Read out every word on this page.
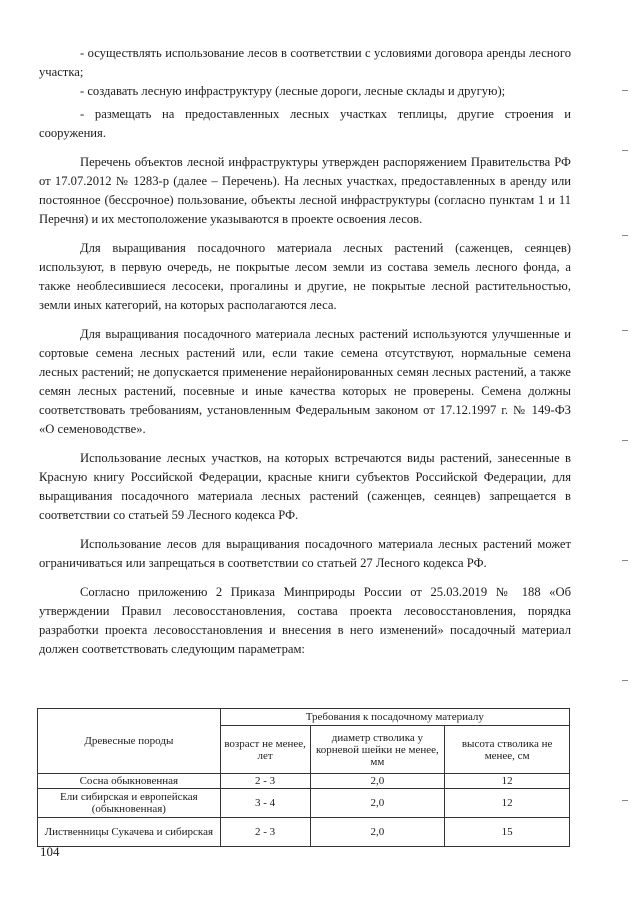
- осуществлять использование лесов в соответствии с условиями договора аренды лесного участка;

- создавать лесную инфраструктуру (лесные дороги, лесные склады и другую);

- размещать на предоставленных лесных участках теплицы, другие строения и сооружения.

Перечень объектов лесной инфраструктуры утвержден распоряжением Правительства РФ от 17.07.2012 № 1283-р (далее – Перечень). На лесных участках, предоставленных в аренду или постоянное (бессрочное) пользование, объекты лесной инфраструктуры (согласно пунктам 1 и 11 Перечня) и их местоположение указываются в проекте освоения лесов.

Для выращивания посадочного материала лесных растений (саженцев, сеянцев) используют, в первую очередь, не покрытые лесом земли из состава земель лесного фонда, а также необлесившиеся лесосеки, прогалины и другие, не покрытые лесной растительностью, земли иных категорий, на которых располагаются леса.

Для выращивания посадочного материала лесных растений используются улучшенные и сортовые семена лесных растений или, если такие семена отсутствуют, нормальные семена лесных растений; не допускается применение нерайонированных семян лесных растений, а также семян лесных растений, посевные и иные качества которых не проверены. Семена должны соответствовать требованиям, установленным Федеральным законом от 17.12.1997 г. № 149-ФЗ «О семеноводстве».

Использование лесных участков, на которых встречаются виды растений, занесенные в Красную книгу Российской Федерации, красные книги субъектов Российской Федерации, для выращивания посадочного материала лесных растений (саженцев, сеянцев) запрещается в соответствии со статьей 59 Лесного кодекса РФ.

Использование лесов для выращивания посадочного материала лесных растений может ограничиваться или запрещаться в соответствии со статьей 27 Лесного кодекса РФ.

Согласно приложению 2 Приказа Минприроды России от 25.03.2019 № 188 «Об утверждении Правил лесовосстановления, состава проекта лесовосстановления, порядка разработки проекта лесовосстановления и внесения в него изменений» посадочный материал должен соответствовать следующим параметрам:

Древесные породы	Требования к посадочному материалу		
	возраст не менее, лет	диаметр стволика у корневой шейки не менее, мм	высота стволика не менее, см
Сосна обыкновенная	2 - 3	2,0	12
Ели сибирская и европейская (обыкновенная)	3 - 4	2,0	12
Лиственницы Сукачева и сибирская	2 - 3	2,0	15
104
